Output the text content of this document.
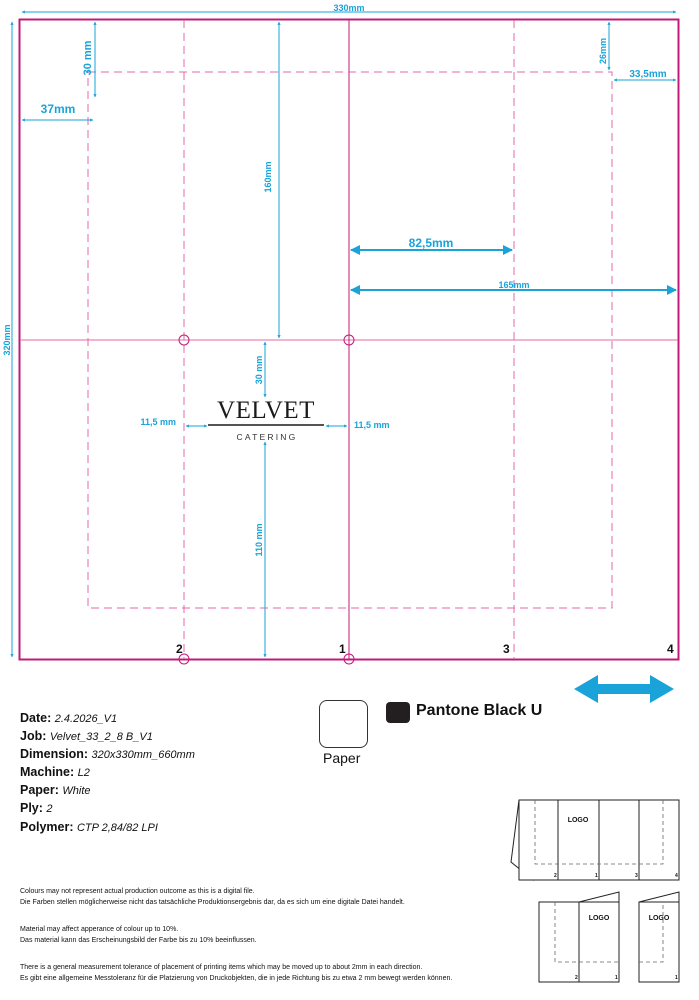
330mm
320mm
30 mm
37mm
26mm
33,5mm
160mm
82,5mm
165mm
30 mm
11,5 mm	11,5 mm
110 mm
VELVET
CATERING
2	1	3	4
LOGO
2	1	3	4
LOGO
2	1
LOGO
1
Paper
Pantone Black U
Date: 2.4.2026_V1
Job: Velvet_33_2_8 B_V1
Dimension: 320x330mm_660mm
Machine: L2
Paper: White
Ply: 2
Polymer: CTP 2,84/82 LPI
Colours may not represent actual production outcome as this is a digital file.
Die Farben stellen möglicherweise nicht das tatsächliche Produktionsergebnis dar, da es sich um eine digitale Datei handelt.
Material may affect apperance of colour up to 10%.
Das material kann das Erscheinungsbild der Farbe bis zu 10% beeinflussen.
There is a general measurement tolerance of placement of printing items which may be moved up to about 2mm in each direction.
Es gibt eine allgemeine Messtoleranz für die Platzierung von Druckobjekten, die in jede Richtung bis zu etwa 2 mm bewegt werden können.
